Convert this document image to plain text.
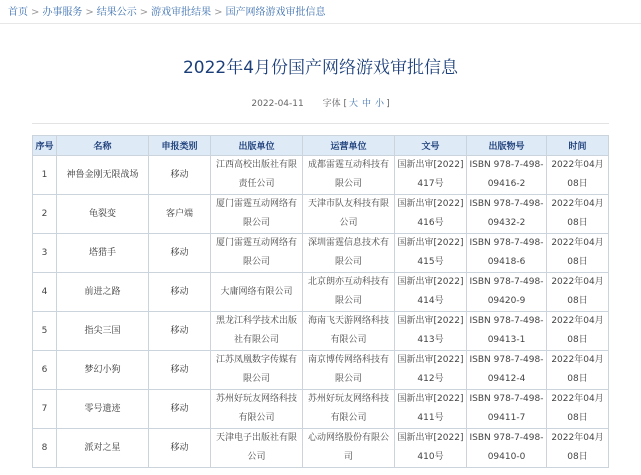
首页 > 办事服务 > 结果公示 > 游戏审批结果 > 国产网络游戏审批信息
2022年4月份国产网络游戏审批信息
2022-04-11 字体 [ 大 中 小 ]
序号	名称	申报类别	出版单位	运营单位	文号	出版物号	时间
1	神鲁金刚无限战场	移动	江西高校出版社有限责任公司	成都雷霆互动科技有限公司	国新出审[2022]417号	ISBN 978-7-498-09416-2	2022年04月08日
2	龟裂变	客户端	厦门雷霆互动网络有限公司	天津市队友科技有限公司	国新出审[2022]416号	ISBN 978-7-498-09432-2	2022年04月08日
3	塔猎手	移动	厦门雷霆互动网络有限公司	深圳雷霆信息技术有限公司	国新出审[2022]415号	ISBN 978-7-498-09418-6	2022年04月08日
4	前进之路	移动	大庸网络有限公司	北京朗亦互动科技有限公司	国新出审[2022]414号	ISBN 978-7-498-09420-9	2022年04月08日
5	指尖三国	移动	黑龙江科学技术出版社有限公司	海南飞天游网络科技有限公司	国新出审[2022]413号	ISBN 978-7-498-09413-1	2022年04月08日
6	梦幻小狗	移动	江苏凤凰数字传媒有限公司	南京博传网络科技有限公司	国新出审[2022]412号	ISBN 978-7-498-09412-4	2022年04月08日
7	零号遗迹	移动	苏州好玩友网络科技有限公司	苏州好玩友网络科技有限公司	国新出审[2022]411号	ISBN 978-7-498-09411-7	2022年04月08日
8	派对之星	移动	天津电子出版社有限公司	心动网络股份有限公司	国新出审[2022]410号	ISBN 978-7-498-09410-0	2022年04月08日
